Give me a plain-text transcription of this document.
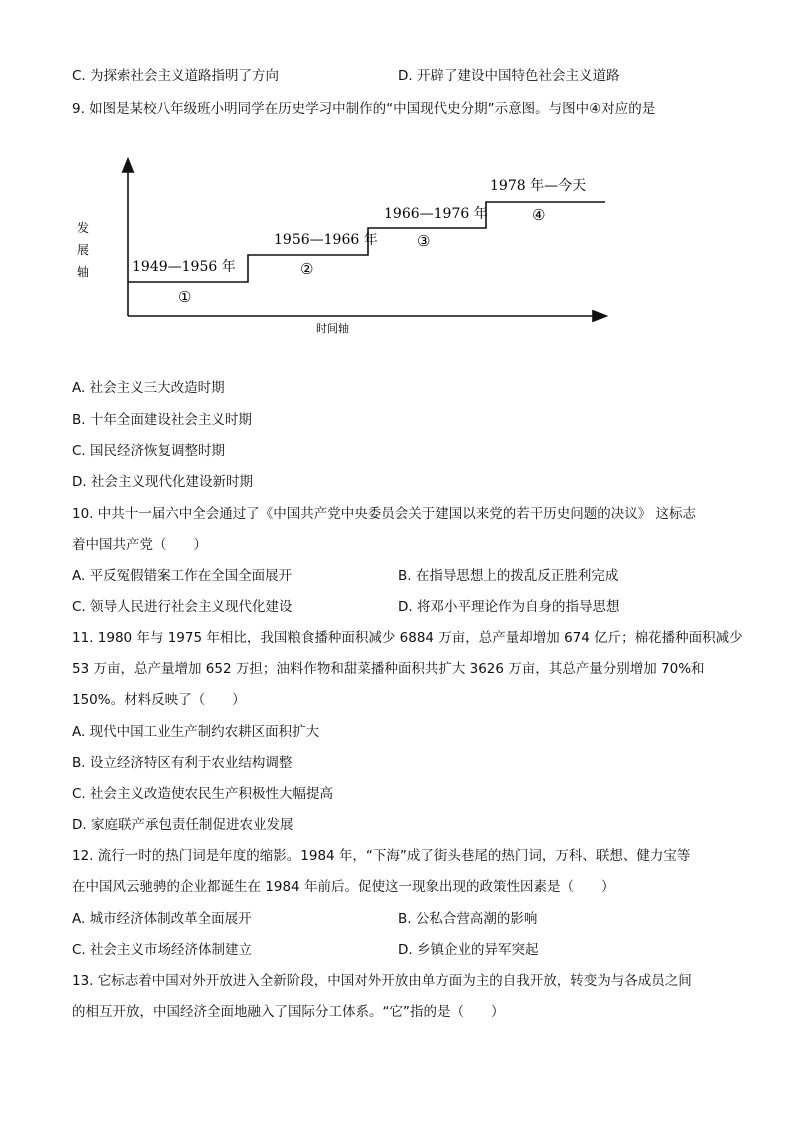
C. 为探索社会主义道路指明了方向	D. 开辟了建设中国特色社会主义道路
9. 如图是某校八年级班小明同学在历史学习中制作的“中国现代史分期”示意图。与图中④对应的是
发
展
轴
时间轴
1949—1956 年
①
1956—1966 年
②
1966—1976 年
③
1978 年—今天
④
A. 社会主义三大改造时期
B. 十年全面建设社会主义时期
C. 国民经济恢复调整时期
D. 社会主义现代化建设新时期
10. 中共十一届六中全会通过了《中国共产党中央委员会关于建国以来党的若干历史问题的决议》 这标志
着中国共产党（　　）
A. 平反冤假错案工作在全国全面展开	B. 在指导思想上的拨乱反正胜利完成
C. 领导人民进行社会主义现代化建设	D. 将邓小平理论作为自身的指导思想
11. 1980 年与 1975 年相比，我国粮食播种面积减少 6884 万亩，总产量却增加 674 亿斤；棉花播种面积减少
53 万亩，总产量增加 652 万担；油料作物和甜菜播种面积共扩大 3626 万亩，其总产量分别增加 70%和
150%。材料反映了（　　）
A. 现代中国工业生产制约农耕区面积扩大
B. 设立经济特区有利于农业结构调整
C. 社会主义改造使农民生产积极性大幅提高
D. 家庭联产承包责任制促进农业发展
12. 流行一时的热门词是年度的缩影。1984 年，“下海”成了街头巷尾的热门词，万科、联想、健力宝等
在中国风云驰骋的企业都诞生在 1984 年前后。促使这一现象出现的政策性因素是（　　）
A. 城市经济体制改革全面展开	B. 公私合营高潮的影响
C. 社会主义市场经济体制建立	D. 乡镇企业的异军突起
13. 它标志着中国对外开放进入全新阶段，中国对外开放由单方面为主的自我开放，转变为与各成员之间
的相互开放，中国经济全面地融入了国际分工体系。“它”指的是（　　）
